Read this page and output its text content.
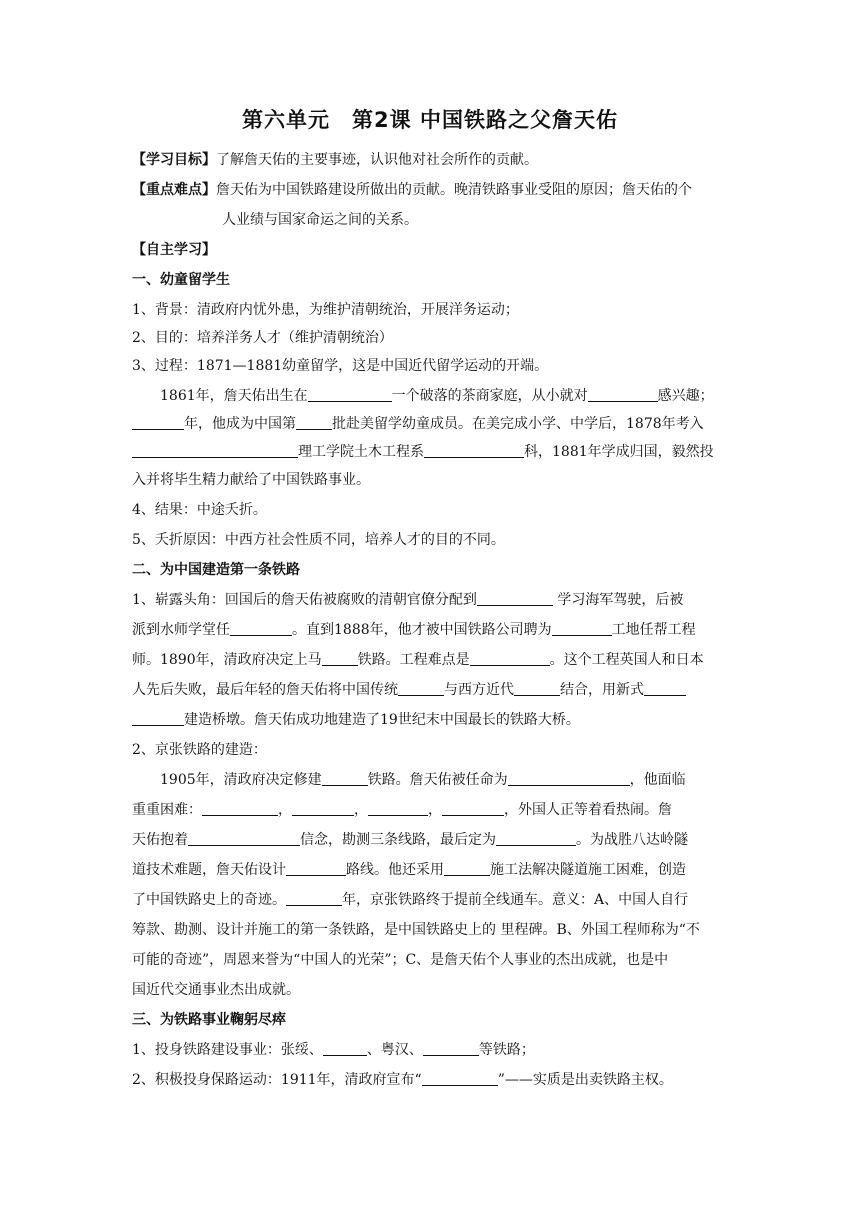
第六单元　第2课 中国铁路之父詹天佑
【学习目标】了解詹天佑的主要事迹，认识他对社会所作的贡献。
【重点难点】詹天佑为中国铁路建设所做出的贡献。晚清铁路事业受阻的原因；詹天佑的个
人业绩与国家命运之间的关系。
【自主学习】
一、幼童留学生
1、背景：清政府内忧外患，为维护清朝统治，开展洋务运动；
2、目的：培养洋务人才（维护清朝统治）
3、过程：1871—1881幼童留学，这是中国近代留学运动的开端。
1861年，詹天佑出生在	一个破落的茶商家庭，从小就对	感兴趣；
年，他成为中国第	批赴美留学幼童成员。在美完成小学、中学后，1878年考入
理工学院土木工程系	科，1881年学成归国，毅然投
入并将毕生精力献给了中国铁路事业。
4、结果：中途夭折。
5、夭折原因：中西方社会性质不同，培养人才的目的不同。
二、为中国建造第一条铁路
1、崭露头角：回国后的詹天佑被腐败的清朝官僚分配到	学习海军驾驶，后被
派到水师学堂任	。直到1888年，他才被中国铁路公司聘为	工地任帮工程
师。1890年，清政府决定上马	铁路。工程难点是	。这个工程英国人和日本
人先后失败，最后年轻的詹天佑将中国传统	与西方近代	结合，用新式
建造桥墩。詹天佑成功地建造了19世纪末中国最长的铁路大桥。
2、京张铁路的建造：
1905年，清政府决定修建	铁路。詹天佑被任命为	，他面临
重重困难：	，	，	，	，外国人正等着看热闹。詹
天佑抱着	信念，勘测三条线路，最后定为	。为战胜八达岭隧
道技术难题，詹天佑设计	路线。他还采用	施工法解决隧道施工困难，创造
了中国铁路史上的奇迹。	年，京张铁路终于提前全线通车。意义：A、中国人自行
筹款、勘测、设计并施工的第一条铁路，是中国铁路史上的 里程碑。B、外国工程师称为“不
可能的奇迹”，周恩来誉为“中国人的光荣”；C、是詹天佑个人事业的杰出成就，也是中
国近代交通事业杰出成就。
三、为铁路事业鞠躬尽瘁
1、投身铁路建设事业：张绥、	、粤汉、	等铁路；
2、积极投身保路运动：1911年，清政府宣布“	”——实质是出卖铁路主权。
